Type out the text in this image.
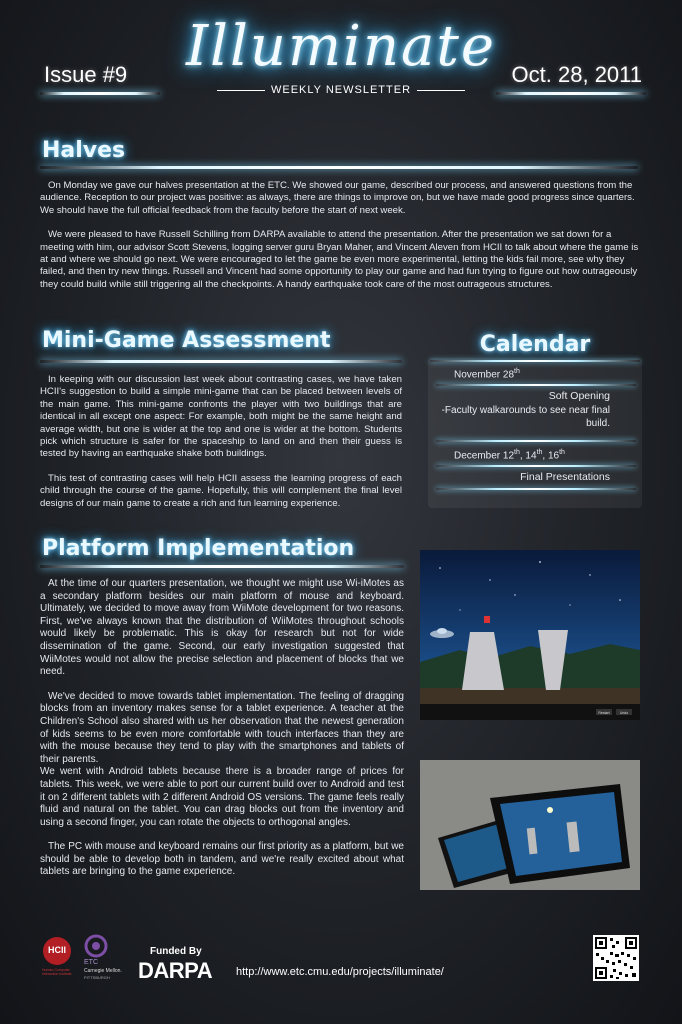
Issue #9	Oct. 28, 2011
Illuminate
WEEKLY NEWSLETTER
Halves

On Monday we gave our halves presentation at the ETC. We showed our game, described our process, and answered questions from the audience. Reception to our project was positive: as always, there are things to improve on, but we have made good progress since quarters. We should have the full official feedback from the faculty before the start of next week.

We were pleased to have Russell Schilling from DARPA available to attend the presentation. After the presentation we sat down for a meeting with him, our advisor Scott Stevens, logging server guru Bryan Maher, and Vincent Aleven from HCII to talk about where the game is at and where we should go next. We were encouraged to let the game be even more experimental, letting the kids fail more, see why they failed, and then try new things. Russell and Vincent had some opportunity to play our game and had fun trying to figure out how outrageously they could build while still triggering all the checkpoints. A handy earthquake took care of the most outrageous structures.

Mini-Game Assessment

In keeping with our discussion last week about contrasting cases, we have taken HCII's suggestion to build a simple mini-game that can be placed between levels of the main game. This mini-game confronts the player with two buildings that are identical in all except one aspect: For example, both might be the same height and average width, but one is wider at the top and one is wider at the bottom. Students pick which structure is safer for the spaceship to land on and then their guess is tested by having an earthquake shake both buildings.

This test of contrasting cases will help HCII assess the learning progress of each child through the course of the game. Hopefully, this will complement the final level designs of our main game to create a rich and fun learning experience.

Calendar
November 28th
Soft Opening
-Faculty walkarounds to see near final build.
December 12th, 14th, 16th
Final Presentations
Platform Implementation

At the time of our quarters presentation, we thought we might use Wi-iMotes as a secondary platform besides our main platform of mouse and keyboard. Ultimately, we decided to move away from WiiMote development for two reasons. First, we've always known that the distribution of WiiMotes throughout schools would likely be problematic. This is okay for research but not for wide dissemination of the game. Second, our early investigation suggested that WiiMotes would not allow the precise selection and placement of blocks that we need.

We've decided to move towards tablet implementation. The feeling of dragging blocks from an inventory makes sense for a tablet experience. A teacher at the Children's School also shared with us her observation that the newest generation of kids seems to be even more comfortable with touch interfaces than they are with the mouse because they tend to play with the smartphones and tablets of their parents.

We went with Android tablets because there is a broader range of prices for tablets. This week, we were able to port our current build over to Android and test it on 2 different tablets with 2 different Android OS versions. The game feels really fluid and natural on the tablet. You can drag blocks out from the inventory and using a second finger, you can rotate the objects to orthogonal angles.

The PC with mouse and keyboard remains our first priority as a platform, but we should be able to develop both in tandem, and we're really excited about what tablets are bringing to the game experience.

Restart	Undo
HCII
Human-Computer Interaction Institute
ETC
Carnegie Mellon.
PITTSBURGH
Funded By
DARPA http://www.etc.cmu.edu/projects/illuminate/
